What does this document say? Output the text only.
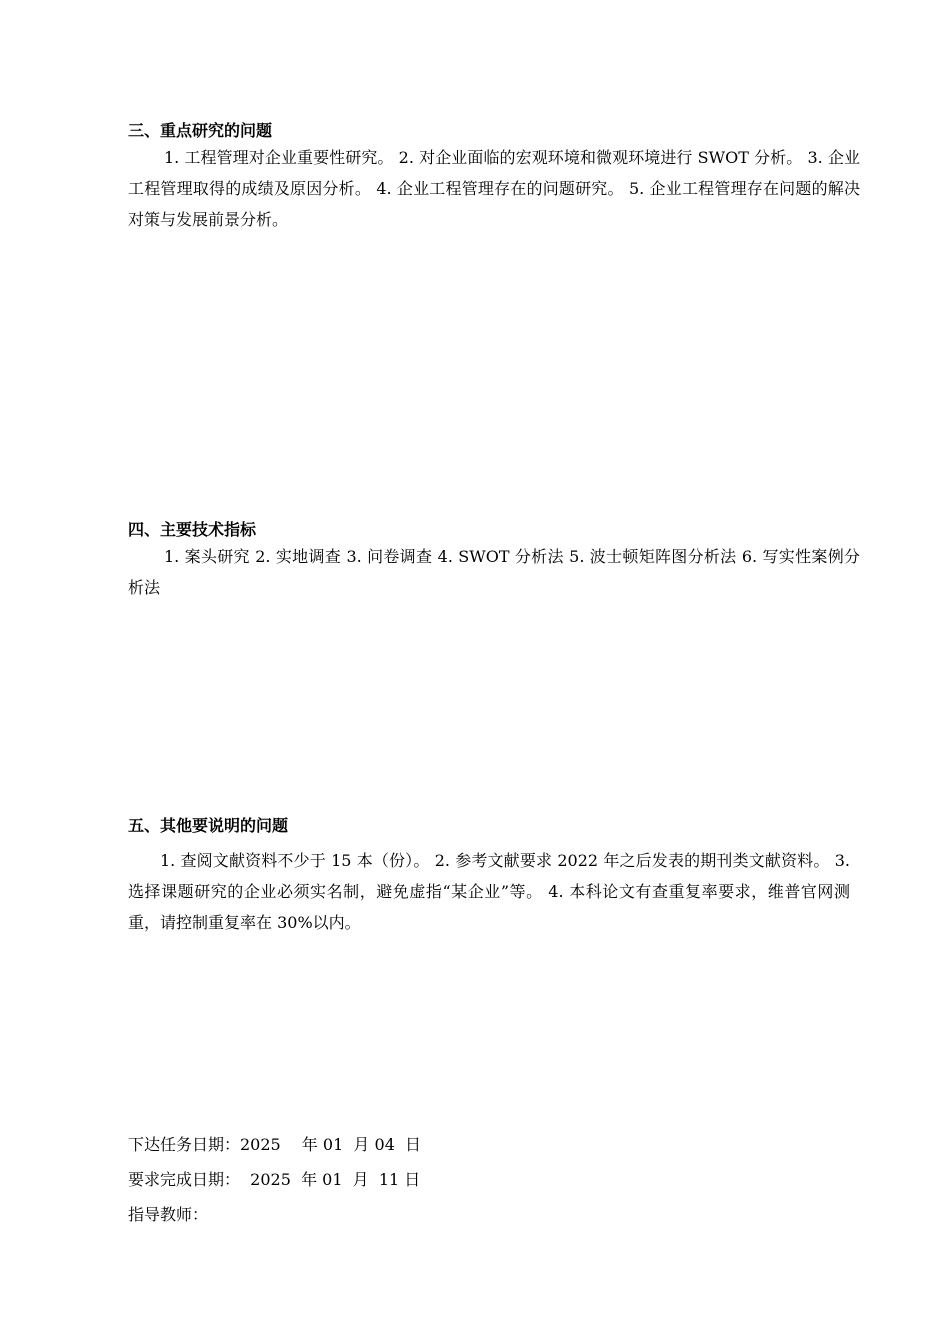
三、重点研究的问题

1. 工程管理对企业重要性研究。 2. 对企业面临的宏观环境和微观环境进行 SWOT 分析。 3. 企业工程管理取得的成绩及原因分析。 4. 企业工程管理存在的问题研究。 5. 企业工程管理存在问题的解决对策与发展前景分析。

四、主要技术指标

1. 案头研究 2. 实地调查 3. 问卷调查 4. SWOT 分析法 5. 波士顿矩阵图分析法 6. 写实性案例分析法

五、其他要说明的问题

1. 查阅文献资料不少于 15 本（份）。 2. 参考文献要求 2022 年之后发表的期刊类文献资料。 3. 选择课题研究的企业必须实名制，避免虚指“某企业”等。 4. 本科论文有查重复率要求，维普官网测重，请控制重复率在 30%以内。

下达任务日期：2025　 年 01  月 04  日
要求完成日期：  2025  年 01  月  11 日
指导教师：
